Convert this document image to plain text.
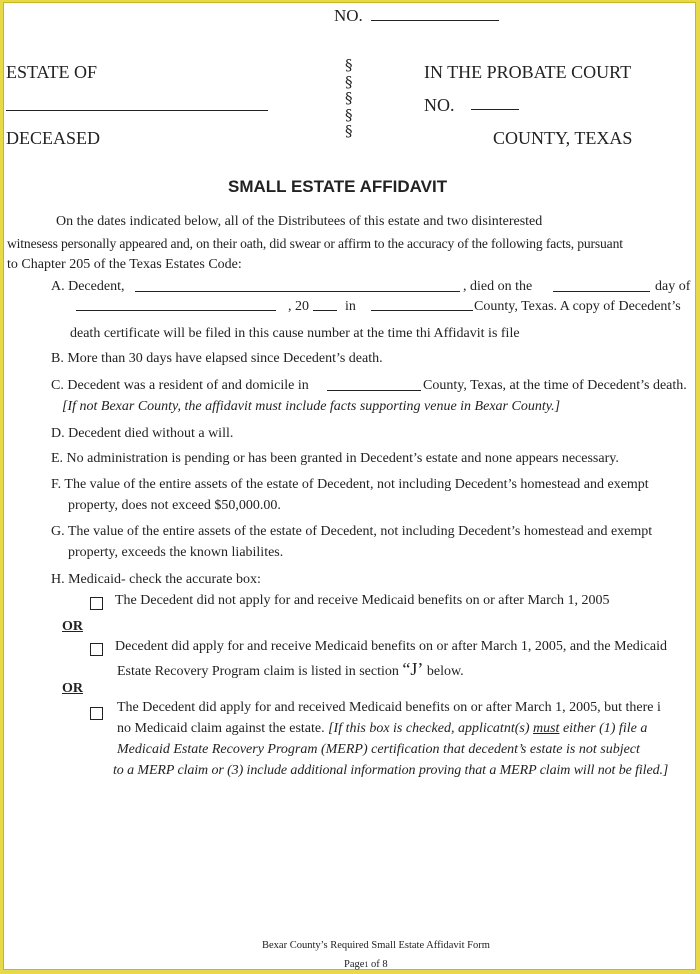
NO.
ESTATE OF
DECEASED
§
§
§
§
§
IN THE PROBATE COURT
NO.
COUNTY, TEXAS
SMALL ESTATE AFFIDAVIT
On the dates indicated below, all of the Distributees of this estate and two disinterested
witnesess personally appeared and, on their oath, did swear or affirm to the accuracy of the following facts, pursuant
to Chapter 205 of the Texas Estates Code:
A. Decedent,	, died on the	day of
, 20	in	County, Texas. A copy of Decedent’s
death certificate will be filed in this cause number at the time thi Affidavit is file
B. More than 30 days have elapsed since Decedent’s death.
C. Decedent was a resident of and domicile in	County, Texas, at the time of Decedent’s death.
[If not Bexar County, the affidavit must include facts supporting venue in Bexar County.]
D. Decedent died without a will.
E. No administration is pending or has been granted in Decedent’s estate and none appears necessary.
F. The value of the entire assets of the estate of Decedent, not including Decedent’s homestead and exempt
property, does not exceed $50,000.00.
G. The value of the entire assets of the estate of Decedent, not including Decedent’s homestead and exempt
property, exceeds the known liabilites.
H. Medicaid- check the accurate box:
The Decedent did not apply for and receive Medicaid benefits on or after March 1, 2005
OR
Decedent did apply for and receive Medicaid benefits on or after March 1, 2005, and the Medicaid
Estate Recovery Program claim is listed in section “J’ below.
OR
The Decedent did apply for and received Medicaid benefits on or after March 1, 2005, but there i
no Medicaid claim against the estate. [If this box is checked, applicatnt(s) must either (1) file a
Medicaid Estate Recovery Program (MERP) certification that decedent’s estate is not subject
to a MERP claim or (3) include additional information proving that a MERP claim will not be filed.]
Bexar County’s Required Small Estate Affidavit Form
Page1 of 8
